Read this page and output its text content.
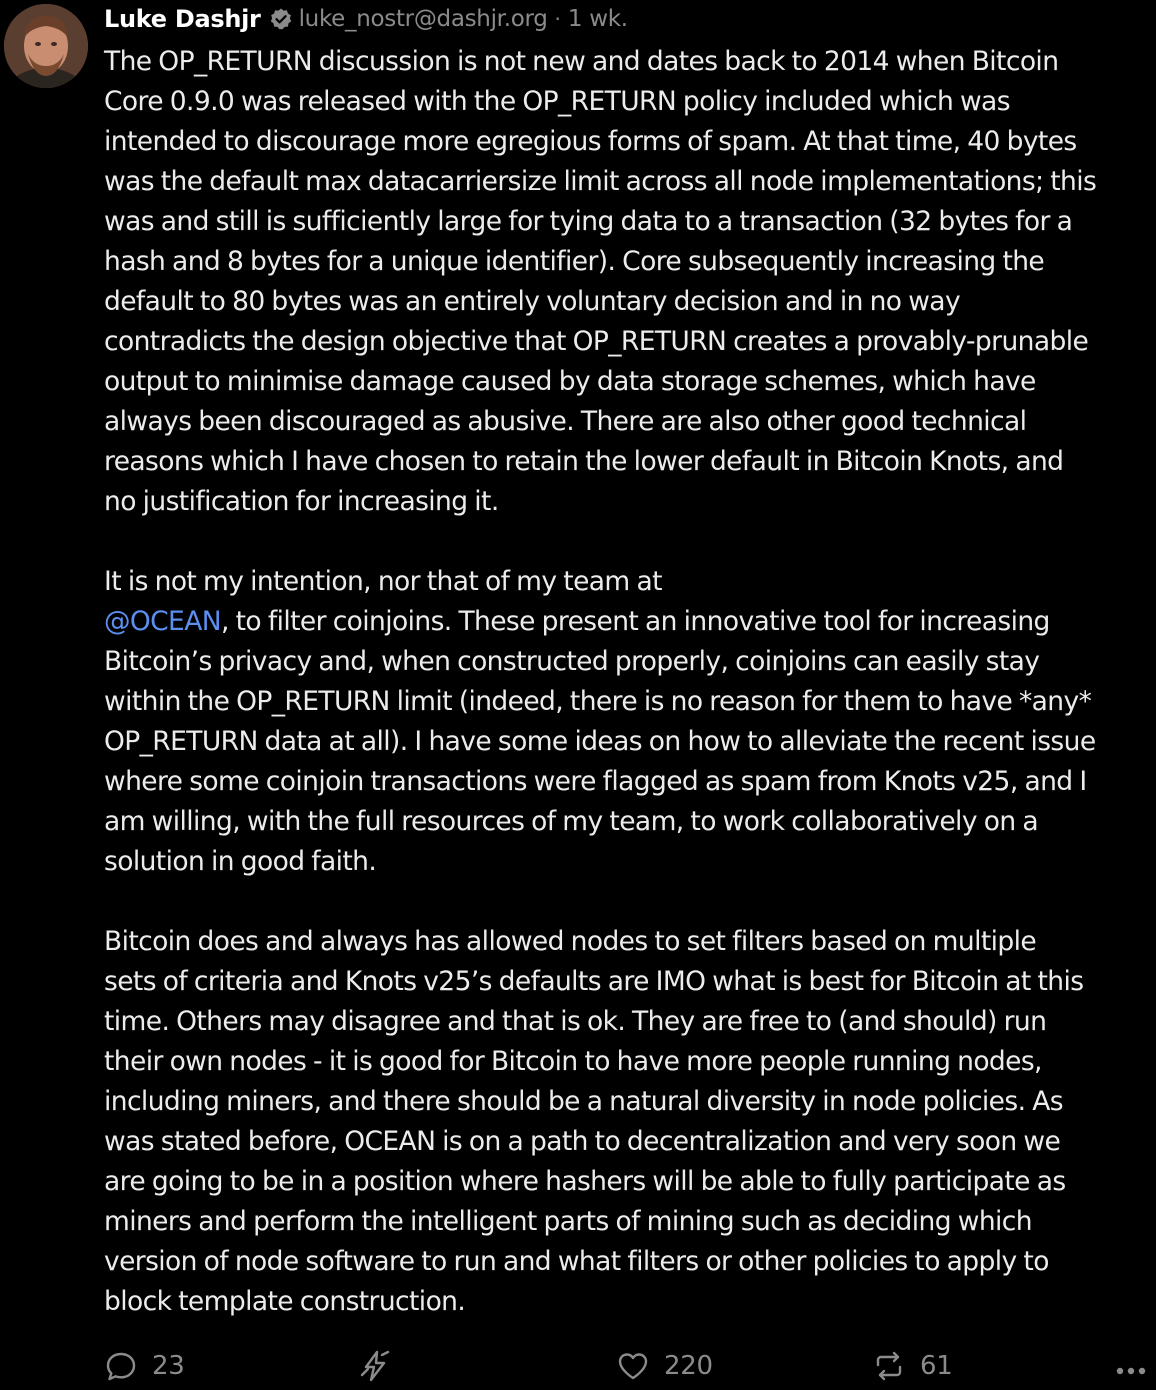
Luke Dashjr luke_nostr@dashjr.org · 1 wk.

The OP_RETURN discussion is not new and dates back to 2014 when Bitcoin

Core 0.9.0 was released with the OP_RETURN policy included which was

intended to discourage more egregious forms of spam. At that time, 40 bytes

was the default max datacarriersize limit across all node implementations; this

was and still is sufficiently large for tying data to a transaction (32 bytes for a

hash and 8 bytes for a unique identifier). Core subsequently increasing the

default to 80 bytes was an entirely voluntary decision and in no way

contradicts the design objective that OP_RETURN creates a provably-prunable

output to minimise damage caused by data storage schemes, which have

always been discouraged as abusive. There are also other good technical

reasons which I have chosen to retain the lower default in Bitcoin Knots, and

no justification for increasing it.

It is not my intention, nor that of my team at

@OCEAN, to filter coinjoins. These present an innovative tool for increasing

Bitcoin’s privacy and, when constructed properly, coinjoins can easily stay

within the OP_RETURN limit (indeed, there is no reason for them to have *any*

OP_RETURN data at all). I have some ideas on how to alleviate the recent issue

where some coinjoin transactions were flagged as spam from Knots v25, and I

am willing, with the full resources of my team, to work collaboratively on a

solution in good faith.

Bitcoin does and always has allowed nodes to set filters based on multiple

sets of criteria and Knots v25’s defaults are IMO what is best for Bitcoin at this

time. Others may disagree and that is ok. They are free to (and should) run

their own nodes - it is good for Bitcoin to have more people running nodes,

including miners, and there should be a natural diversity in node policies. As

was stated before, OCEAN is on a path to decentralization and very soon we

are going to be in a position where hashers will be able to fully participate as

miners and perform the intelligent parts of mining such as deciding which

version of node software to run and what filters or other policies to apply to

block template construction.

23	220	61
